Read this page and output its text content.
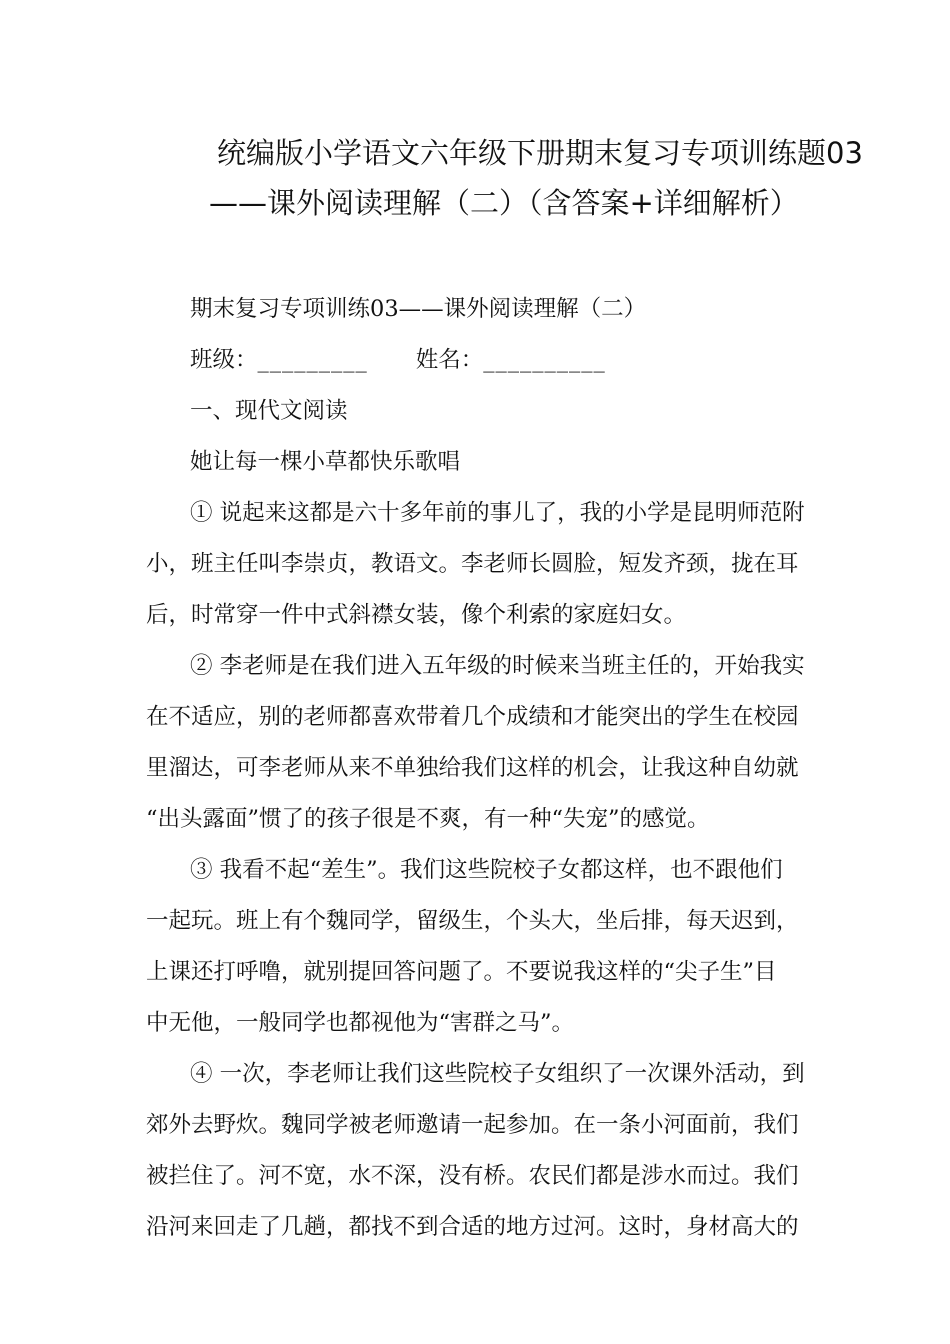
统编版小学语文六年级下册期末复习专项训练题03
——课外阅读理解（二）（含答案+详细解析）
期末复习专项训练03——课外阅读理解（二）
班级：_________ 姓名：__________
一、现代文阅读
她让每一棵小草都快乐歌唱
① 说起来这都是六十多年前的事儿了，我的小学是昆明师范附
小，班主任叫李崇贞，教语文。李老师长圆脸，短发齐颈，拢在耳
后，时常穿一件中式斜襟女装，像个利索的家庭妇女。
② 李老师是在我们进入五年级的时候来当班主任的，开始我实
在不适应，别的老师都喜欢带着几个成绩和才能突出的学生在校园
里溜达，可李老师从来不单独给我们这样的机会，让我这种自幼就
“出头露面”惯了的孩子很是不爽，有一种“失宠”的感觉。
③ 我看不起“差生”。我们这些院校子女都这样，也不跟他们
一起玩。班上有个魏同学，留级生，个头大，坐后排，每天迟到，
上课还打呼噜，就别提回答问题了。不要说我这样的“尖子生”目
中无他，一般同学也都视他为“害群之马”。
④ 一次，李老师让我们这些院校子女组织了一次课外活动，到
郊外去野炊。魏同学被老师邀请一起参加。在一条小河面前，我们
被拦住了。河不宽，水不深，没有桥。农民们都是涉水而过。我们
沿河来回走了几趟，都找不到合适的地方过河。这时，身材高大的
